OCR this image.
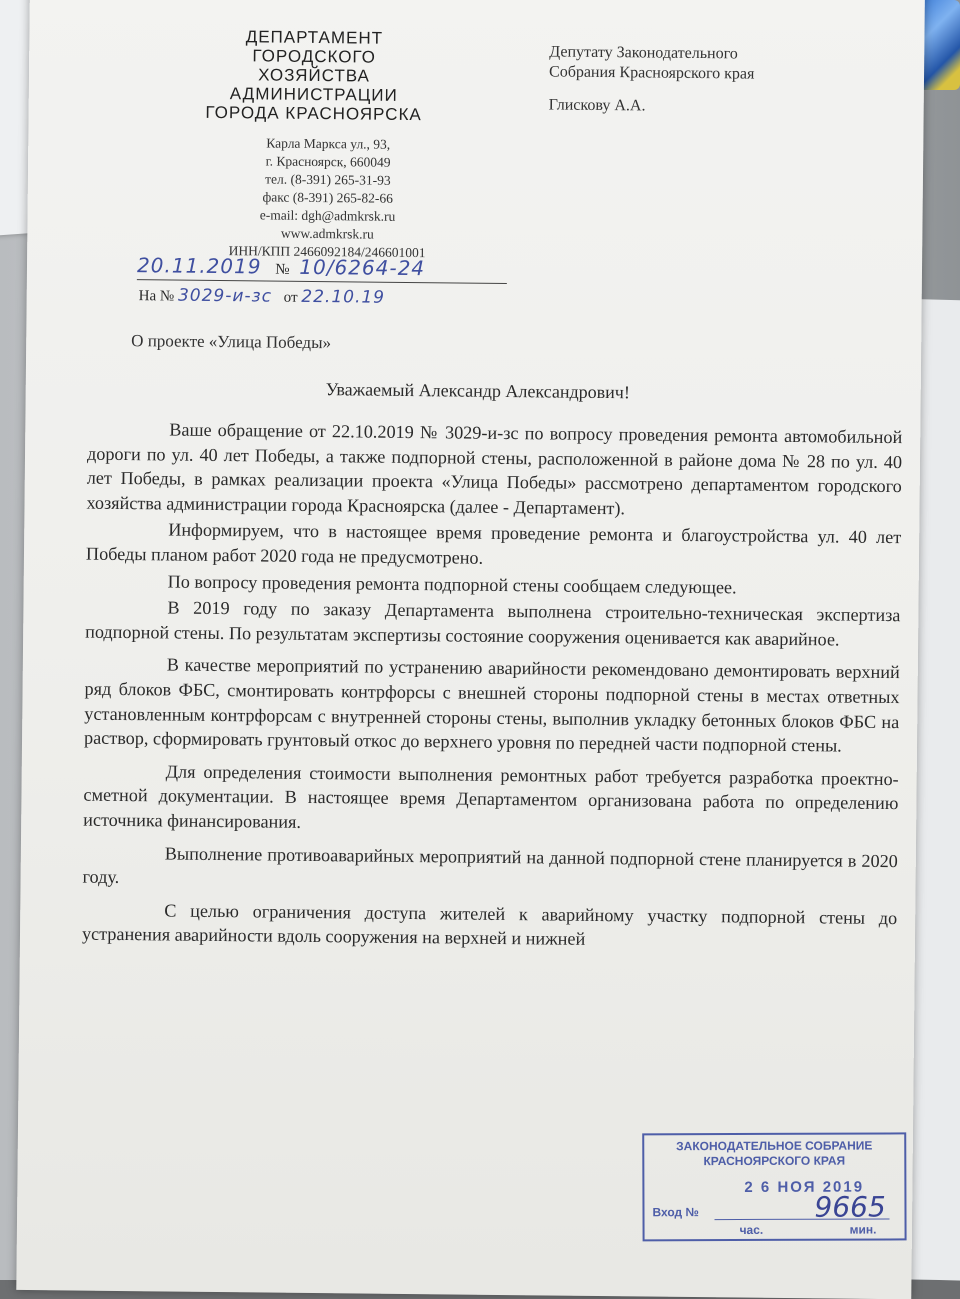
ДЕПАРТАМЕНТ
ГОРОДСКОГО
ХОЗЯЙСТВА
АДМИНИСТРАЦИИ
ГОРОДА КРАСНОЯРСКА
Карла Маркса ул., 93,
г. Красноярск, 660049
тел. (8-391) 265-31-93
факс (8-391) 265-82-66
e-mail: dgh@admkrsk.ru
www.admkrsk.ru
ИНН/КПП 2466092184/246601001
20.11.2019 № 10/6264-24
На № 3029-и-зс от 22.10.19
О проекте «Улица Победы»
Депутату Законодательного
Собрания Красноярского края
Глискову А.А.
Уважаемый Александр Александрович!

Ваше обращение от 22.10.2019 № 3029-и-зс по вопросу проведения ремонта автомобильной дороги по ул. 40 лет Победы, а также подпорной стены, расположенной в районе дома № 28 по ул. 40 лет Победы, в рамках реализации проекта «Улица Победы» рассмотрено департаментом городского хозяйства администрации города Красноярска (далее - Департамент).

Информируем, что в настоящее время проведение ремонта и благоустройства ул. 40 лет Победы планом работ 2020 года не предусмотрено.

По вопросу проведения ремонта подпорной стены сообщаем следующее.

В 2019 году по заказу Департамента выполнена строительно-техническая экспертиза подпорной стены. По результатам экспертизы состояние сооружения оценивается как аварийное.

В качестве мероприятий по устранению аварийности рекомендовано демонтировать верхний ряд блоков ФБС, смонтировать контрфорсы с внешней стороны подпорной стены в местах ответных установленным контрфорсам с внутренней стороны стены, выполнив укладку бетонных блоков ФБС на раствор, сформировать грунтовый откос до верхнего уровня по передней части подпорной стены.

Для определения стоимости выполнения ремонтных работ требуется разработка проектно-сметной документации. В настоящее время Департаментом организована работа по определению источника финансирования.

Выполнение противоаварийных мероприятий на данной подпорной стене планируется в 2020 году.

С целью ограничения доступа жителей к аварийному участку подпорной стены до устранения аварийности вдоль сооружения на верхней и нижней

ЗАКОНОДАТЕЛЬНОЕ СОБРАНИЕ
КРАСНОЯРСКОГО КРАЯ
2 6 НОЯ 2019
Вход №	9665
час.	мин.
